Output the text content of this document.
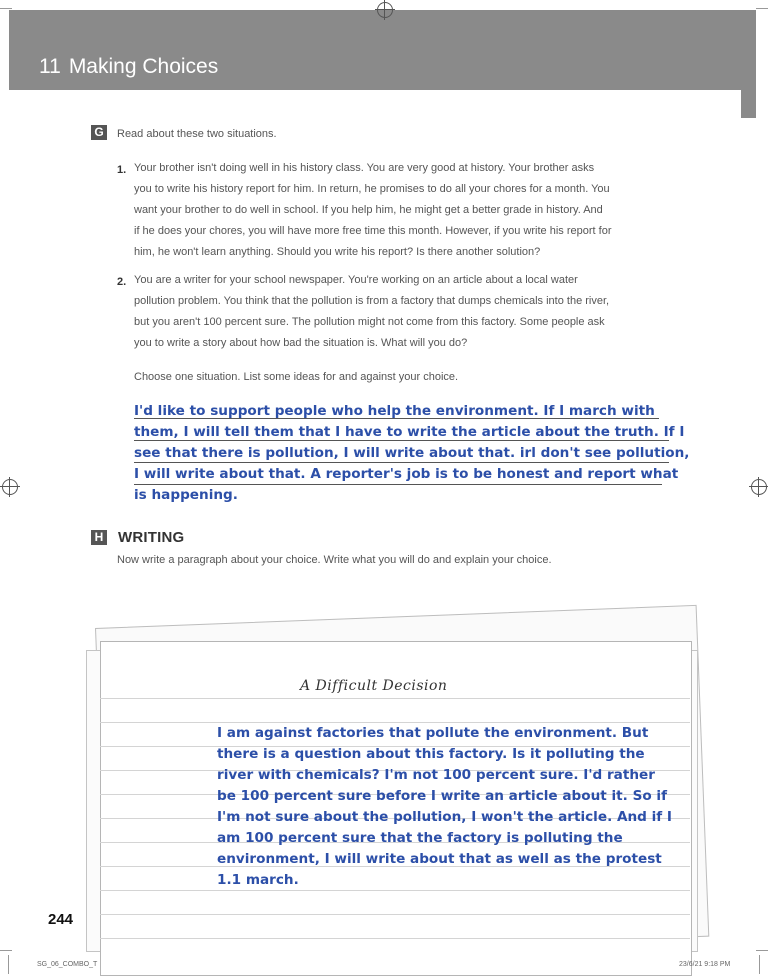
11 Making Choices
G	Read about these two situations.
1. Your brother isn't doing well in his history class. You are very good at history. Your brother asks
you to write his history report for him. In return, he promises to do all your chores for a month. You
want your brother to do well in school. If you help him, he might get a better grade in history. And
if he does your chores, you will have more free time this month. However, if you write his report for
him, he won't learn anything. Should you write his report? Is there another solution?
2. You are a writer for your school newspaper. You're working on an article about a local water
pollution problem. You think that the pollution is from a factory that dumps chemicals into the river,
but you aren't 100 percent sure. The pollution might not come from this factory. Some people ask
you to write a story about how bad the situation is. What will you do?
Choose one situation. List some ideas for and against your choice.
I'd like to support people who help the environment. If I march with
them, I will tell them that I have to write the article about the truth. If I
see that there is pollution, I will write about that. irl don't see pollution,
I will write about that. A reporter's job is to be honest and report what
is happening.
H WRITING
Now write a paragraph about your choice. Write what you will do and explain your choice.
A Difficult Decision
I am against factories that pollute the environment. But
there is a question about this factory. Is it polluting the
river with chemicals? I'm not 100 percent sure. I'd rather
be 100 percent sure before I write an article about it. So if
I'm not sure about the pollution, I won't the article. And if I
am 100 percent sure that the factory is polluting the
environment, I will write about that as well as the protest
1.1 march.
244
SG_06_COMBO_T	23/6/21 9:18 PM
